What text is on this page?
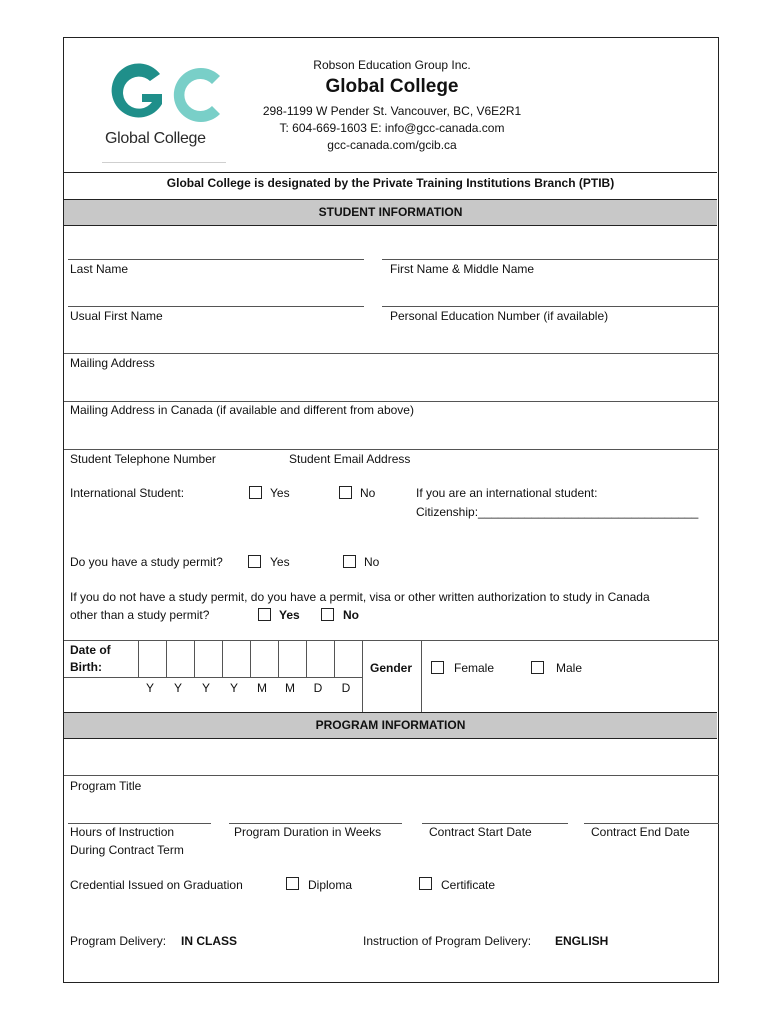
Global College
Robson Education Group Inc.
Global College
298-1199 W Pender St. Vancouver, BC, V6E2R1
T: 604-669-1603 E: info@gcc-canada.com
gcc-canada.com/gcib.ca
Global College is designated by the Private Training Institutions Branch (PTIB)
STUDENT INFORMATION
Last Name	First Name & Middle Name
Usual First Name	Personal Education Number (if available)
Mailing Address
Mailing Address in Canada (if available and different from above)
Student Telephone Number	Student Email Address
International Student:	Yes	No	If you are an international student:
Citizenship:_________________________________
Do you have a study permit?	Yes	No
If you do not have a study permit, do you have a permit, visa or other written authorization to study in Canada
other than a study permit?	Yes	No
Date of
Birth:
Y	Y	Y	Y	M	M	D	D
Gender	Female	Male
PROGRAM INFORMATION
Program Title
Hours of Instruction
During Contract Term
Program Duration in Weeks	Contract Start Date	Contract End Date
Credential Issued on Graduation	Diploma	Certificate
Program Delivery: IN CLASS	Instruction of Program Delivery: ENGLISH
